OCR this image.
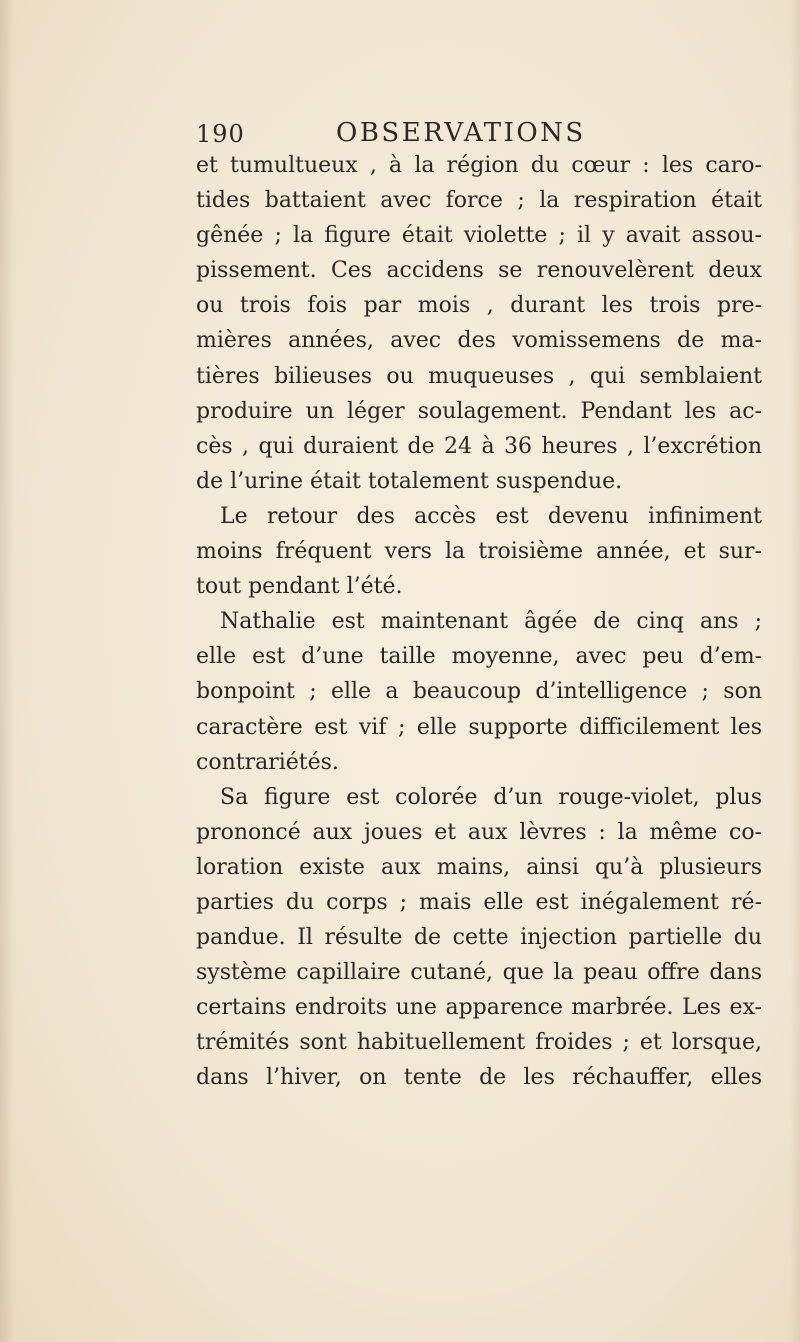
190	OBSERVATIONS
et tumultueux , à la région du cœur : les caro-
tides battaient avec force ; la respiration était
gênée ; la figure était violette ; il y avait assou-
pissement. Ces accidens se renouvelèrent deux
ou trois fois par mois , durant les trois pre-
mières années, avec des vomissemens de ma-
tières bilieuses ou muqueuses , qui semblaient
produire un léger soulagement. Pendant les ac-
cès , qui duraient de 24 à 36 heures , l’excrétion
de l’urine était totalement suspendue.
Le retour des accès est devenu infiniment
moins fréquent vers la troisième année, et sur-
tout pendant l’été.
Nathalie est maintenant âgée de cinq ans ;
elle est d’une taille moyenne, avec peu d’em-
bonpoint ; elle a beaucoup d’intelligence ; son
caractère est vif ; elle supporte difficilement les
contrariétés.
Sa figure est colorée d’un rouge-violet, plus
prononcé aux joues et aux lèvres : la même co-
loration existe aux mains, ainsi qu’à plusieurs
parties du corps ; mais elle est inégalement ré-
pandue. Il résulte de cette injection partielle du
système capillaire cutané, que la peau offre dans
certains endroits une apparence marbrée. Les ex-
trémités sont habituellement froides ; et lorsque,
dans l’hiver, on tente de les réchauffer, elles
